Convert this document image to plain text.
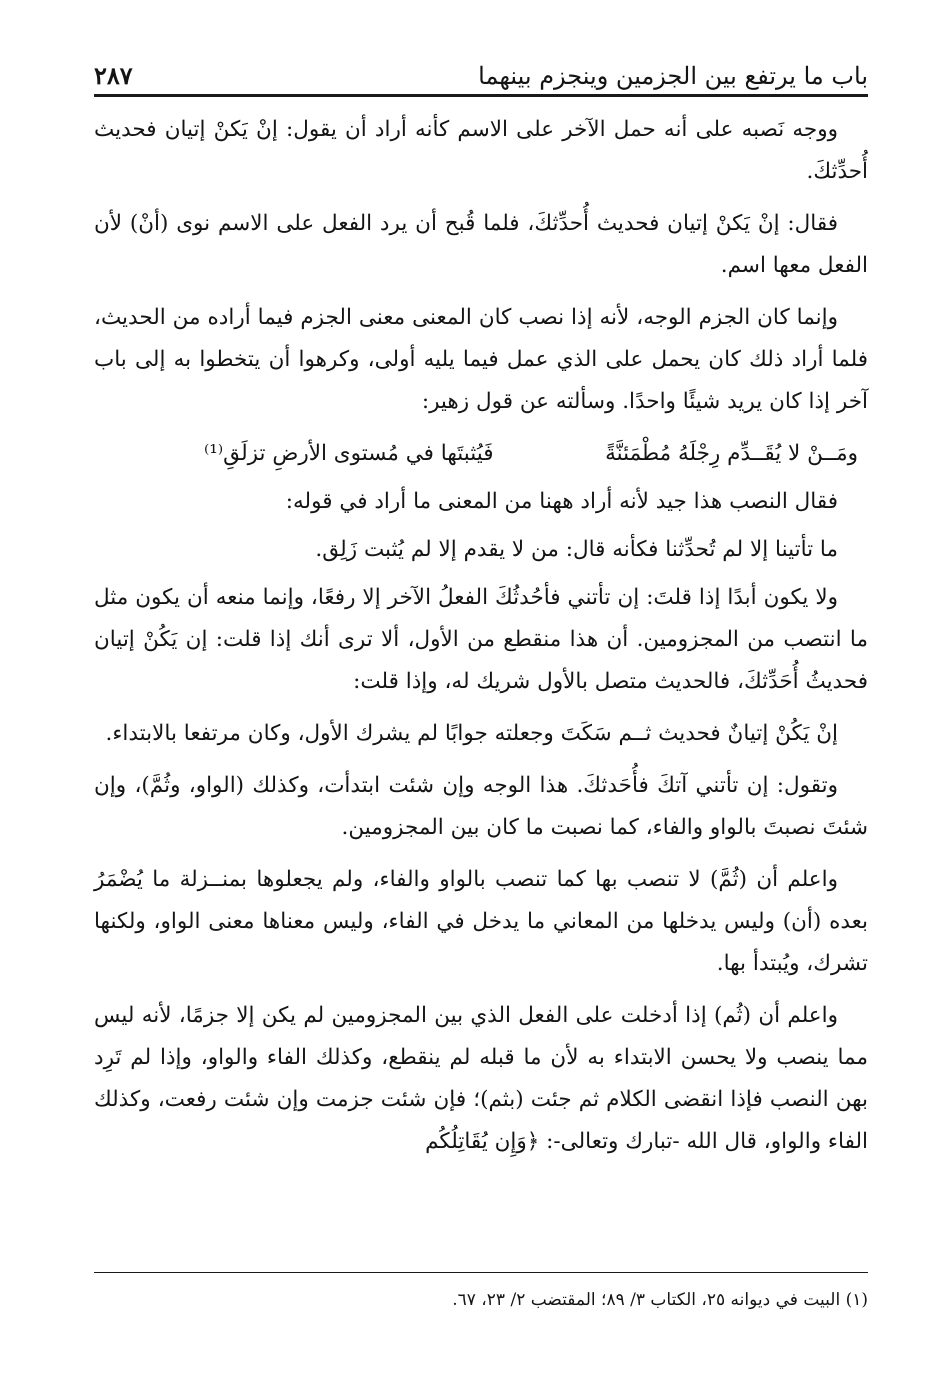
باب ما يرتفع بين الجزمين وينجزم بينهما
٢٨٧

ووجه نَصبه على أنه حمل الآخر على الاسم كأنه أراد أن يقول: إنْ يَكنْ إتيان فحديث أُحدِّثكَ.

فقال: إنْ يَكنْ إتيان فحديث أُحدِّثكَ، فلما قُبح أن يرد الفعل على الاسم نوى (أنْ) لأن الفعل معها اسم.

وإنما كان الجزم الوجه، لأنه إذا نصب كان المعنى معنى الجزم فيما أراده من الحديث، فلما أراد ذلك كان يحمل على الذي عمل فيما يليه أولى، وكرهوا أن يتخطوا به إلى باب آخر إذا كان يريد شيئًا واحدًا. وسألته عن قول زهير:

ومَــنْ لا يُقَــدِّم رِجْلَهُ مُطْمَئنَّةً
فَيُثبتَها في مُستوى الأرضِ تزلَقِ⁽¹⁾

فقال النصب هذا جيد لأنه أراد ههنا من المعنى ما أراد في قوله:

ما تأتينا إلا لم تُحدِّثنا فكأنه قال: من لا يقدم إلا لم يُثبت زَلِق.

ولا يكون أبدًا إذا قلتَ: إن تأتني فأحُدثُكَ الفعلُ الآخر إلا رفعًا، وإنما منعه أن يكون مثل ما انتصب من المجزومين. أن هذا منقطع من الأول، ألا ترى أنك إذا قلت: إن يَكُنْ إتيان فحديثُ أُحَدِّثكَ، فالحديث متصل بالأول شريك له، وإذا قلت:

إنْ يَكُنْ إتيانٌ فحديث ثــم سَكَتَ وجعلته جوابًا لم يشرك الأول، وكان مرتفعا بالابتداء.

وتقول: إن تأتني آتكَ فأُحَدثكَ. هذا الوجه وإن شئت ابتدأت، وكذلك (الواو، وثُمَّ)، وإن شئتَ نصبتَ بالواو والفاء، كما نصبت ما كان بين المجزومين.

واعلم أن (ثُمَّ) لا تنصب بها كما تنصب بالواو والفاء، ولم يجعلوها بمنــزلة ما يُضْمَرُ بعده (أن) وليس يدخلها من المعاني ما يدخل في الفاء، وليس معناها معنى الواو، ولكنها تشرك، ويُبتدأ بها.

واعلم أن (ثُم) إذا أدخلت على الفعل الذي بين المجزومين لم يكن إلا جزمًا، لأنه ليس مما ينصب ولا يحسن الابتداء به لأن ما قبله لم ينقطع، وكذلك الفاء والواو، وإذا لم تَرِد بهن النصب فإذا انقضى الكلام ثم جئت (بثم)؛ فإن شئت جزمت وإن شئت رفعت، وكذلك الفاء والواو، قال الله -تبارك وتعالى-: ﴿وَإِن يُقَاتِلُكُم

(١) البيت في ديوانه ٢٥، الكتاب ٣/ ٨٩؛ المقتضب ٢/ ٢٣، ٦٧.
